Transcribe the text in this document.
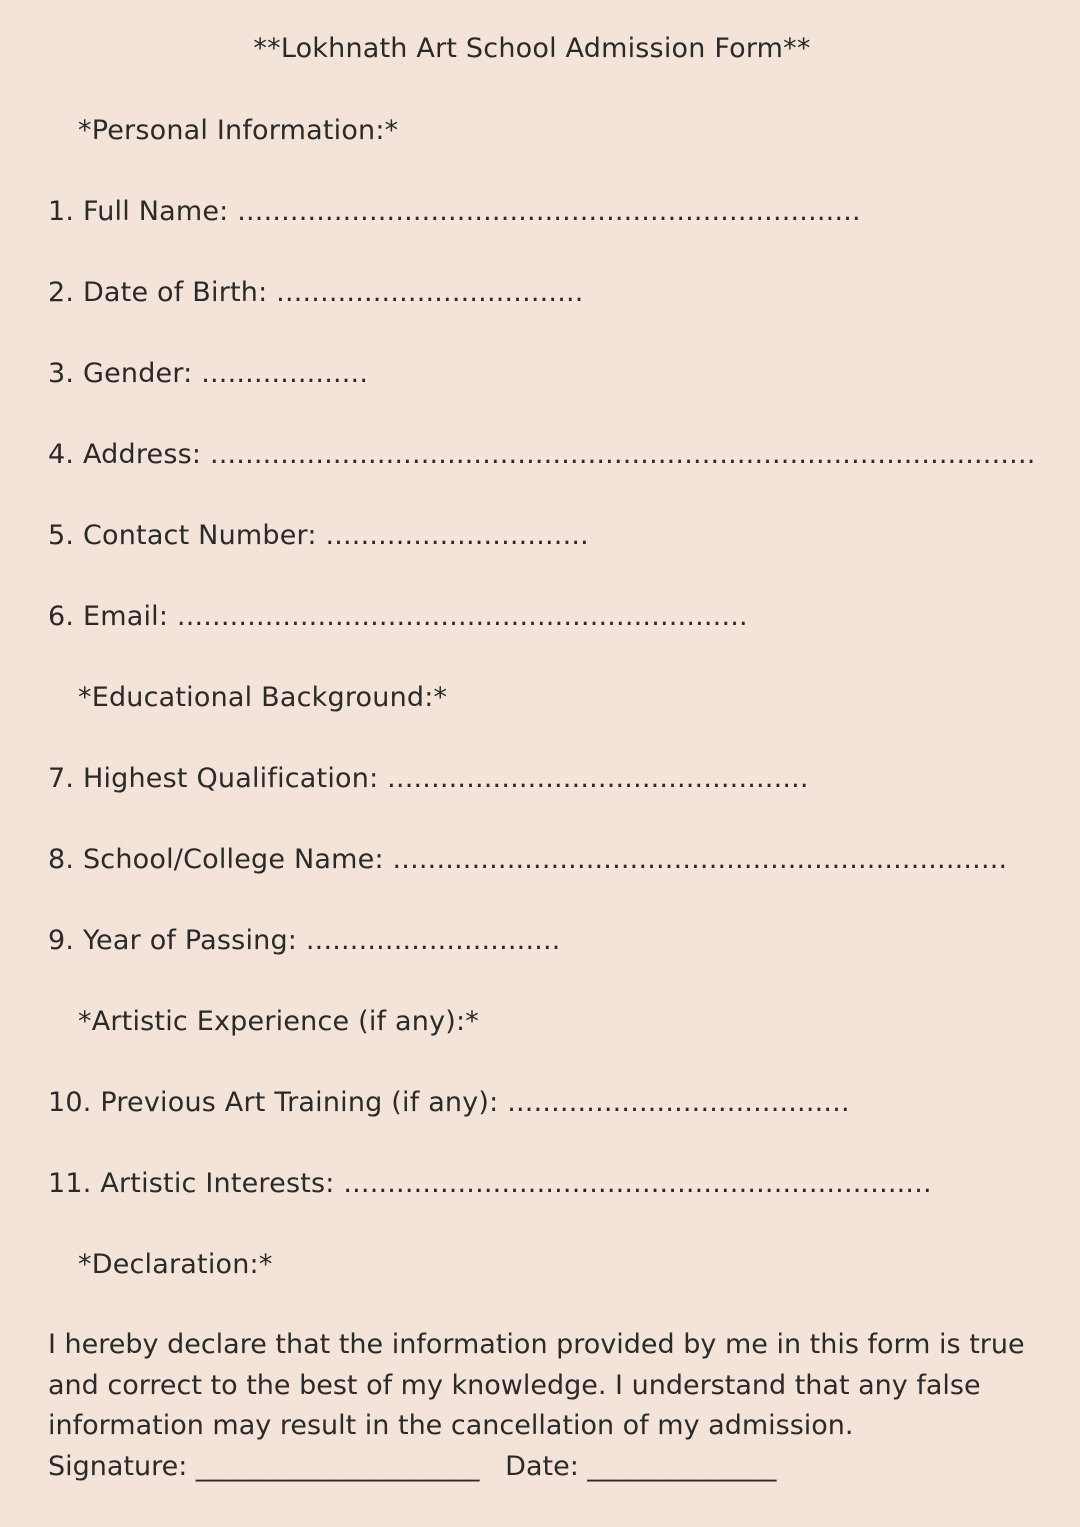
**Lokhnath Art School Admission Form**
*Personal Information:*
1. Full Name: .......................................................................
2. Date of Birth: ...................................
3. Gender: ...................
4. Address: ..............................................................................................
5. Contact Number: ..............................
6. Email: .................................................................
*Educational Background:*
7. Highest Qualification: ................................................
8. School/College Name: ......................................................................
9. Year of Passing: .............................
*Artistic Experience (if any):*
10. Previous Art Training (if any): .......................................
11. Artistic Interests: ...................................................................
*Declaration:*

I hereby declare that the information provided by me in this form is true and correct to the best of my knowledge. I understand that any false information may result in the cancellation of my admission.

Signature: _____________________   Date: ______________
